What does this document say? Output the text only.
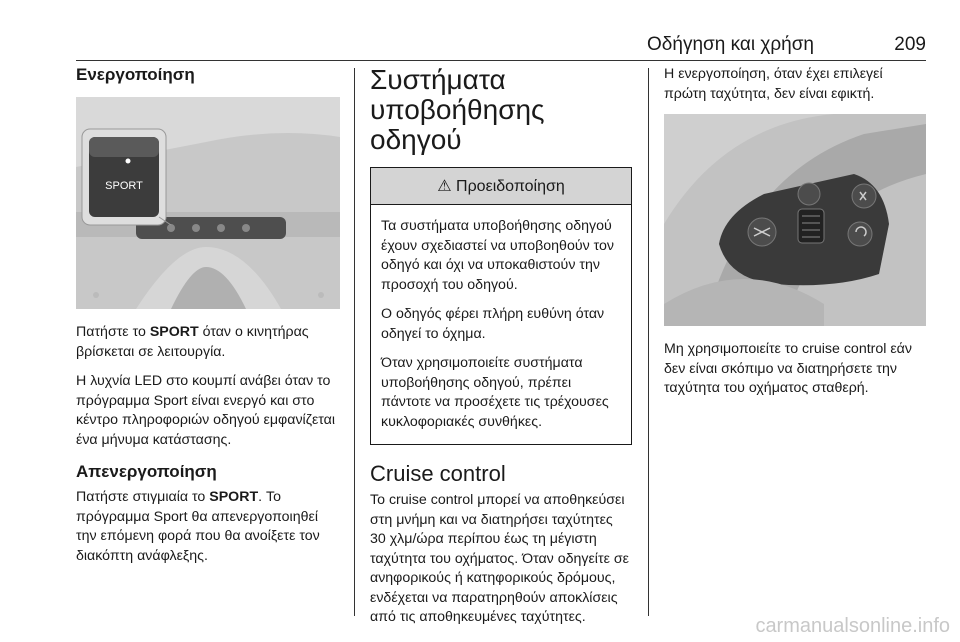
Οδήγηση και χρήση	209
Ενεργοποίηση
SPORT

Πατήστε το SPORT όταν ο κινητήρας βρίσκεται σε λειτουργία.

Η λυχνία LED στο κουμπί ανάβει όταν το πρόγραμμα Sport είναι ενεργό και στο κέντρο πληροφοριών οδηγού εμφανίζεται ένα μήνυμα κατάστασης.

Απενεργοποίηση

Πατήστε στιγμιαία το SPORT. Το πρόγραμμα Sport θα απενεργοποιηθεί την επόμενη φορά που θα ανοίξετε τον διακόπτη ανάφλεξης.

Συστήματα υποβοήθησης οδηγού
⚠ Προειδοποίηση

Τα συστήματα υποβοήθησης οδηγού έχουν σχεδιαστεί να υποβοηθούν τον οδηγό και όχι να υποκαθιστούν την προσοχή του οδηγού.

Ο οδηγός φέρει πλήρη ευθύνη όταν οδηγεί το όχημα.

Όταν χρησιμοποιείτε συστήματα υποβοήθησης οδηγού, πρέπει πάντοτε να προσέχετε τις τρέχουσες κυκλοφοριακές συνθήκες.

Cruise control

Το cruise control μπορεί να αποθηκεύσει στη μνήμη και να διατηρήσει ταχύτητες 30 χλμ/ώρα περίπου έως τη μέγιστη ταχύτητα του οχήματος. Όταν οδηγείτε σε ανηφορικούς ή κατηφορικούς δρόμους, ενδέχεται να παρατηρηθούν αποκλίσεις από τις αποθηκευμένες ταχύτητες.

Η ενεργοποίηση, όταν έχει επιλεγεί πρώτη ταχύτητα, δεν είναι εφικτή.

Μη χρησιμοποιείτε το cruise control εάν δεν είναι σκόπιμο να διατηρήσετε την ταχύτητα του οχήματος σταθερή.

carmanualsonline.info
